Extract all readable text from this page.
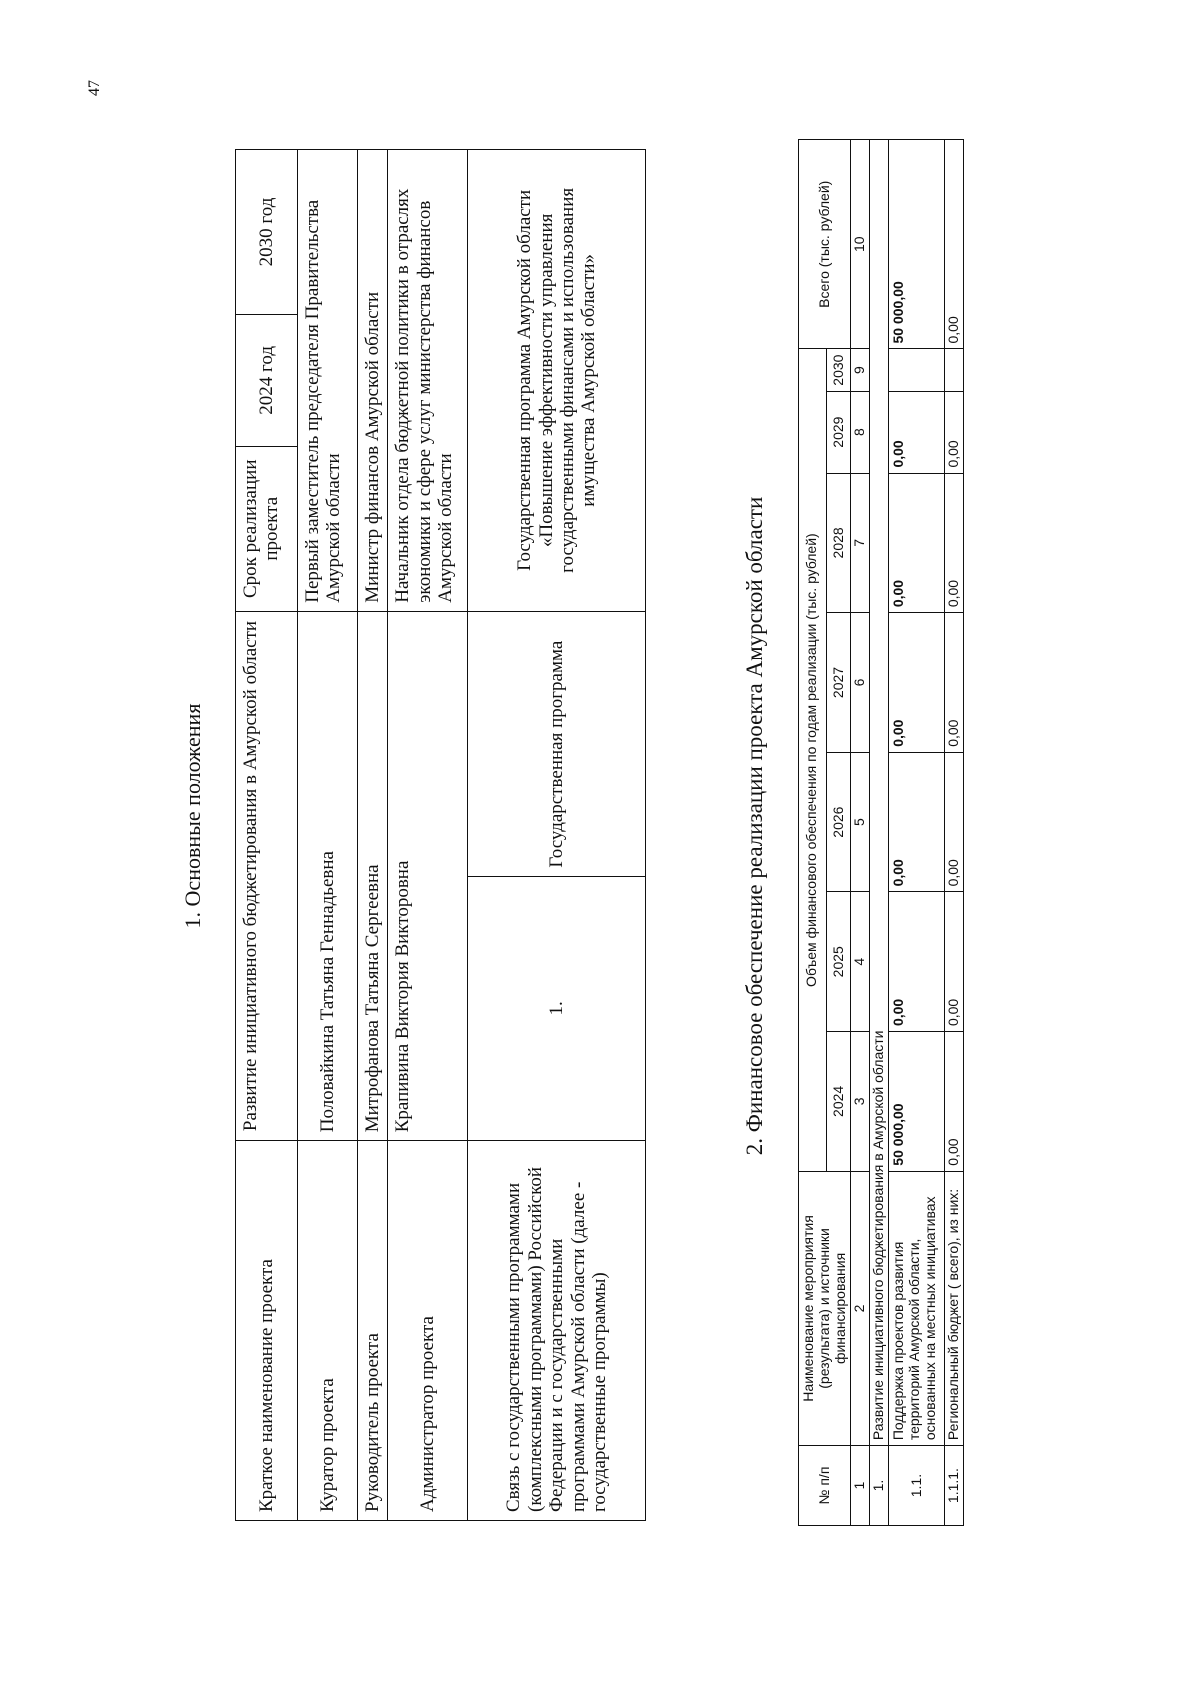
47
1. Основные положения
Краткое наименование проекта	Развитие инициативного бюджетирования в Амурской области		Срок реализации проекта	2024 год	2030 год
Куратор проекта	Половайкина Татьяна Геннадьевна		Первый заместитель председателя Правительства Амурской области		
Руководитель проекта	Митрофанова Татьяна Сергеевна		Министр финансов Амурской области		
Администратор проекта	Крапивина Виктория Викторовна		Начальник отдела бюджетной политики в отраслях экономики и сфере услуг министерства финансов Амурской области		
Связь с государственными программами (комплексными программами) Российской Федерации и с государственными программами Амурской области (далее - государственные программы)	1.	Государственная программа	Государственная программа Амурской области «Повышение эффективности управления государственными финансами и использования имущества Амурской области»		
2. Финансовое обеспечение реализации проекта Амурской области
№ п/п	Наименование мероприятия (результата) и источники финансирования	Объем финансового обеспечения по годам реализации (тыс. рублей)							Всего (тыс. рублей)
		2024	2025	2026	2027	2028	2029	2030	
1	2	3	4	5	6	7	8	9	10
1.	Развитие инициативного бюджетирования в Амурской области								
1.1.	Поддержка проектов развития территорий Амурской области, основанных на местных инициативах	50 000,00	0,00	0,00	0,00	0,00	0,00		50 000,00
1.1.1.	Региональный бюджет ( всего), из них:	0,00	0,00	0,00	0,00	0,00	0,00		0,00
